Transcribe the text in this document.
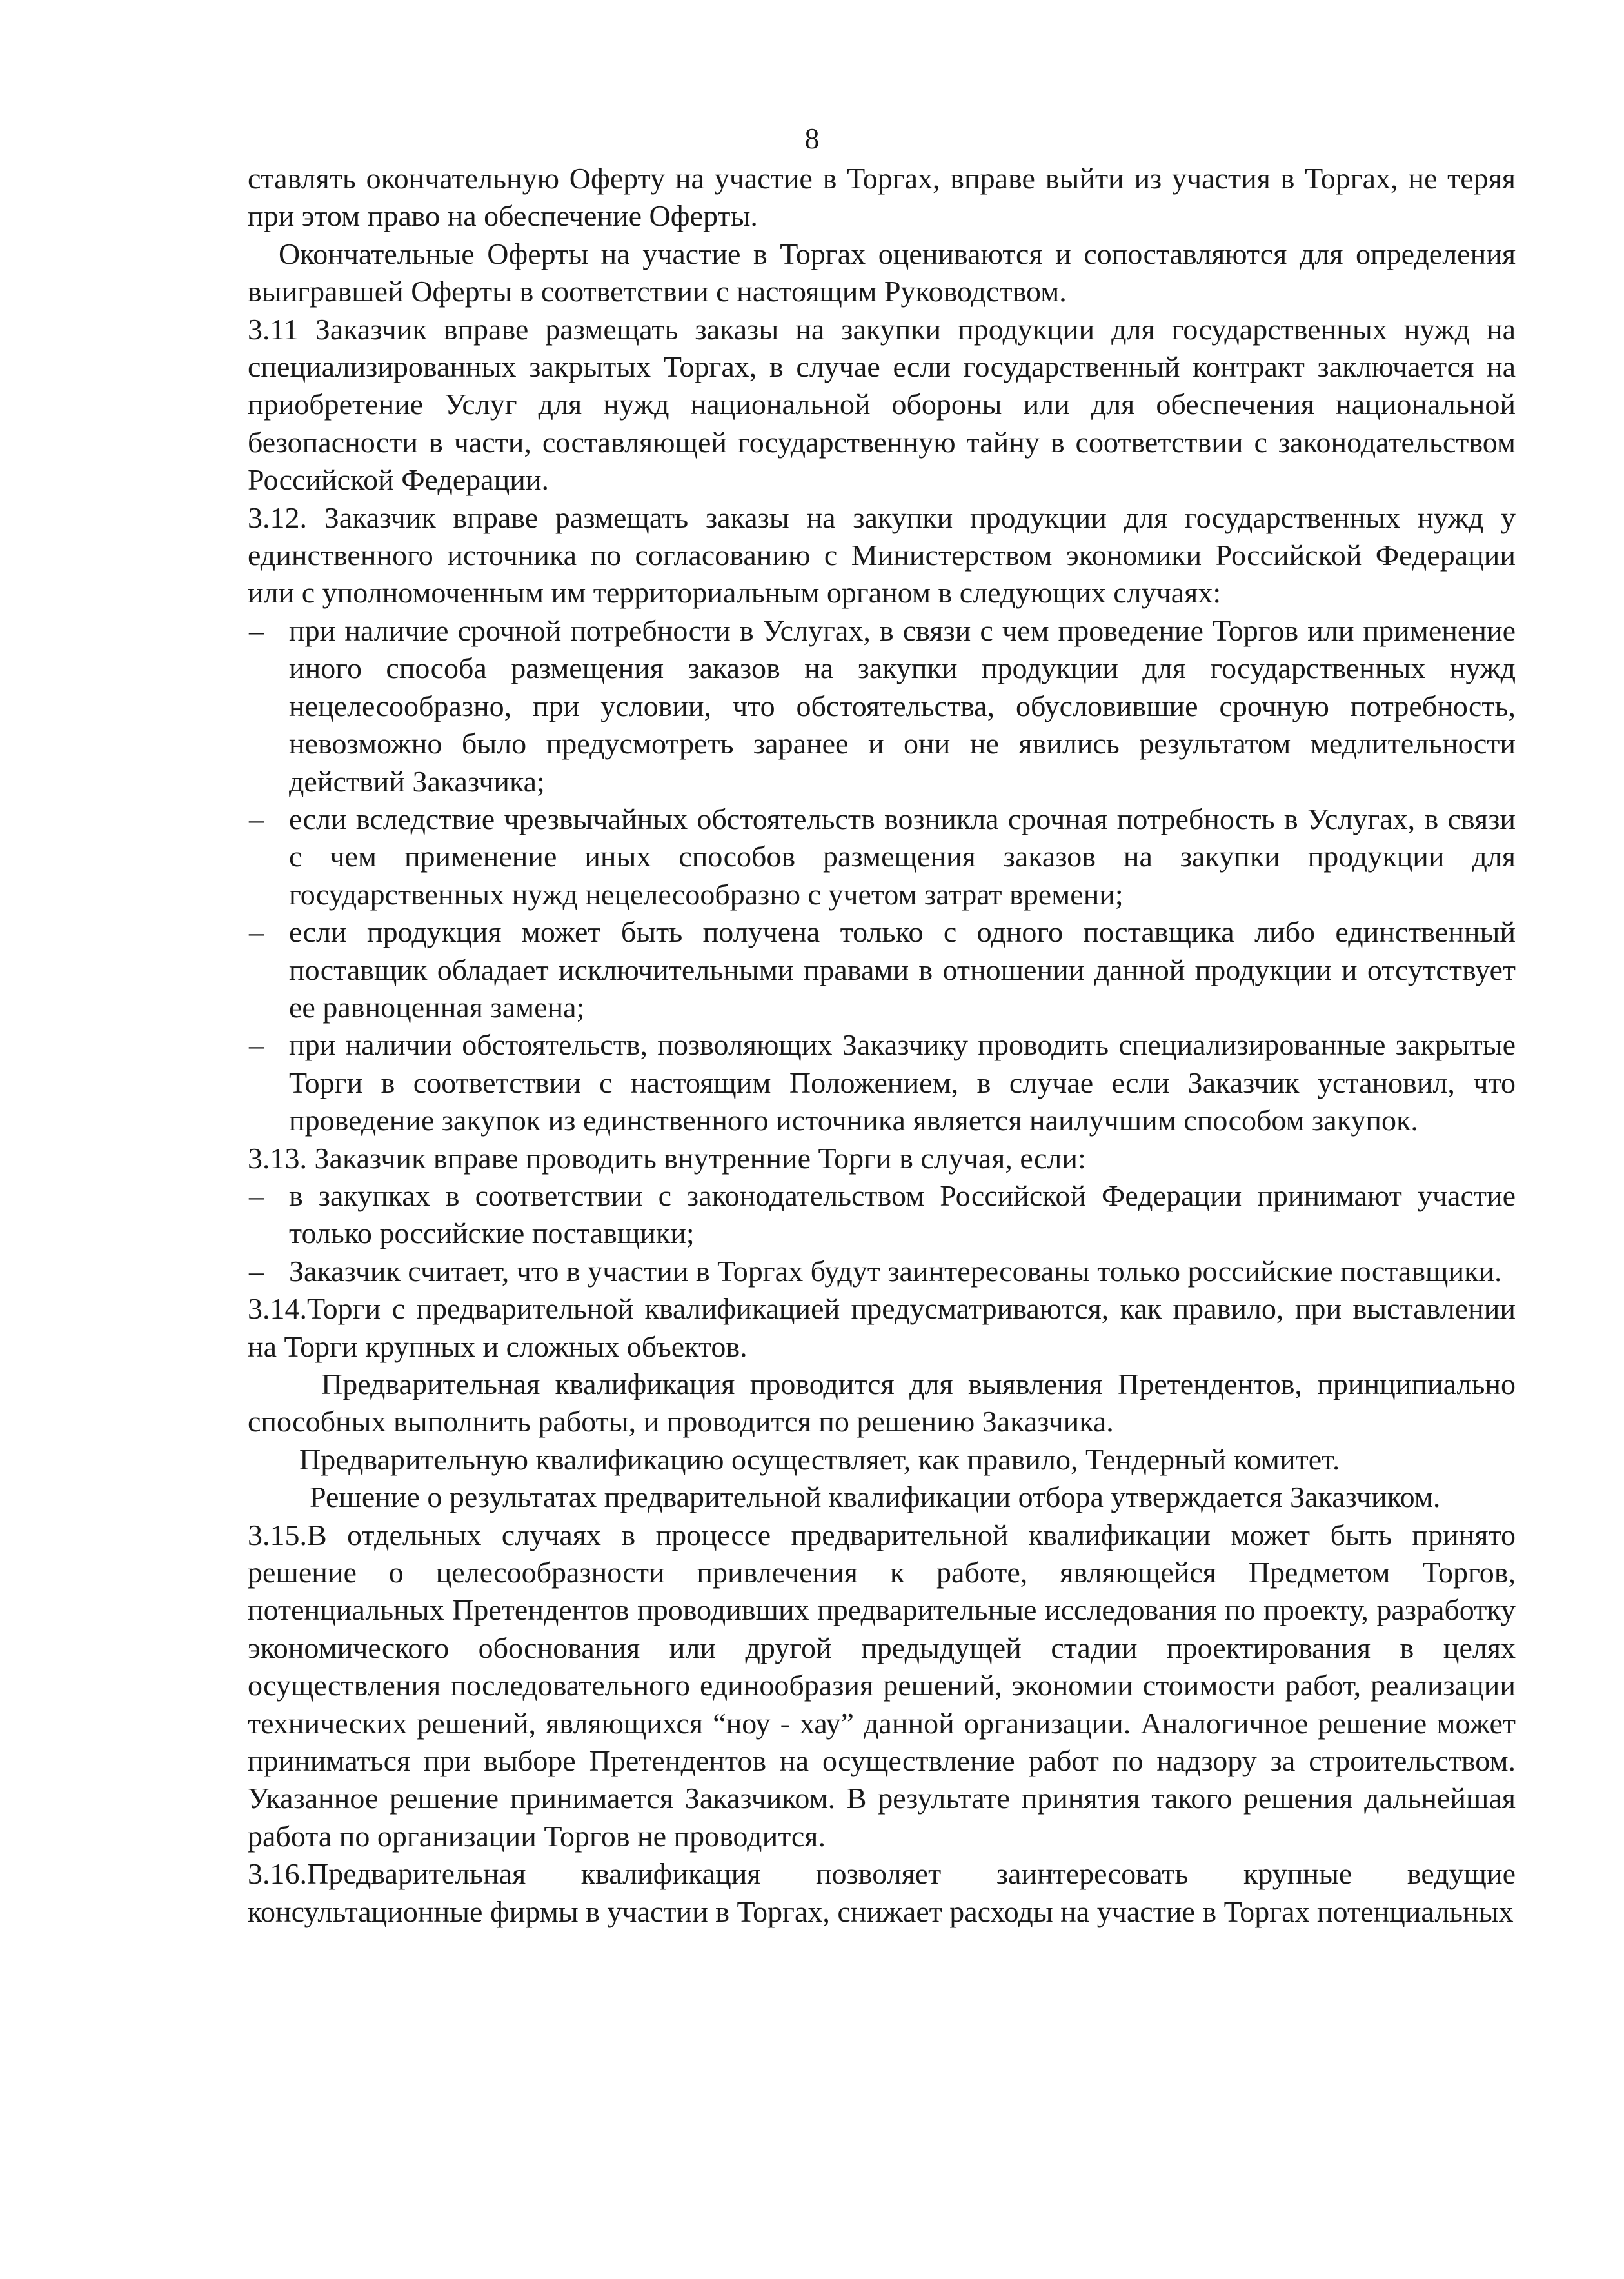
8

ставлять окончательную Оферту на участие в Торгах, вправе выйти из участия в Торгах, не теряя при этом право на обеспечение Оферты.

Окончательные Оферты на участие в Торгах оцениваются и сопоставляются для определения выигравшей Оферты в соответствии с настоящим Руководством.

3.11 Заказчик вправе размещать заказы на закупки продукции для государственных нужд на специализированных закрытых Торгах, в случае если государственный контракт заключается на приобретение Услуг для нужд национальной обороны или для обеспечения национальной безопасности в части, составляющей государственную тайну в соответствии с законодательством Российской Федерации.

3.12. Заказчик вправе размещать заказы на закупки продукции для государственных нужд у единственного источника по согласованию с Министерством экономики Российской Федерации или с уполномоченным им территориальным органом в следующих случаях:

– при наличие срочной потребности в Услугах, в связи с чем проведение Торгов или применение иного способа размещения заказов на закупки продукции для государственных нужд нецелесообразно, при условии, что обстоятельства, обусловившие срочную потребность, невозможно было предусмотреть заранее и они не явились результатом медлительности действий Заказчика;
– если вследствие чрезвычайных обстоятельств возникла срочная потребность в Услугах, в связи с чем применение иных способов размещения заказов на закупки продукции для государственных нужд нецелесообразно с учетом затрат времени;
– если продукция может быть получена только с одного поставщика либо единственный поставщик обладает исключительными правами в отношении данной продукции и отсутствует ее равноценная замена;
– при наличии обстоятельств, позволяющих Заказчику проводить специализированные закрытые Торги в соответствии с настоящим Положением, в случае если Заказчик установил, что проведение закупок из единственного источника является наилучшим способом закупок.

3.13. Заказчик вправе проводить внутренние Торги в случая, если:

– в закупках в соответствии с законодательством Российской Федерации принимают участие только российские поставщики;
– Заказчик считает, что в участии в Торгах будут заинтересованы только российские поставщики.

3.14.Торги с предварительной квалификацией предусматриваются, как правило, при выставлении на Торги крупных и сложных объектов.

Предварительная квалификация проводится для выявления Претендентов, принципиально способных выполнить работы, и проводится по решению Заказчика.

Предварительную квалификацию осуществляет, как правило, Тендерный комитет.

Решение о результатах предварительной квалификации отбора утверждается Заказчиком.

3.15.В отдельных случаях в процессе предварительной квалификации может быть принято решение о целесообразности привлечения к работе, являющейся Предметом Торгов, потенциальных Претендентов проводивших предварительные исследования по проекту, разработку экономического обоснования или другой предыдущей стадии проектирования в целях осуществления последовательного единообразия решений, экономии стоимости работ, реализации технических решений, являющихся “ноу - хау” данной организации. Аналогичное решение может приниматься при выборе Претендентов на осуществление работ по надзору за строительством. Указанное решение принимается Заказчиком. В результате принятия такого решения дальнейшая работа по организации Торгов не проводится.

3.16.Предварительная квалификация позволяет заинтересовать крупные ведущие консультационные фирмы в участии в Торгах, снижает расходы на участие в Торгах потенциальных
